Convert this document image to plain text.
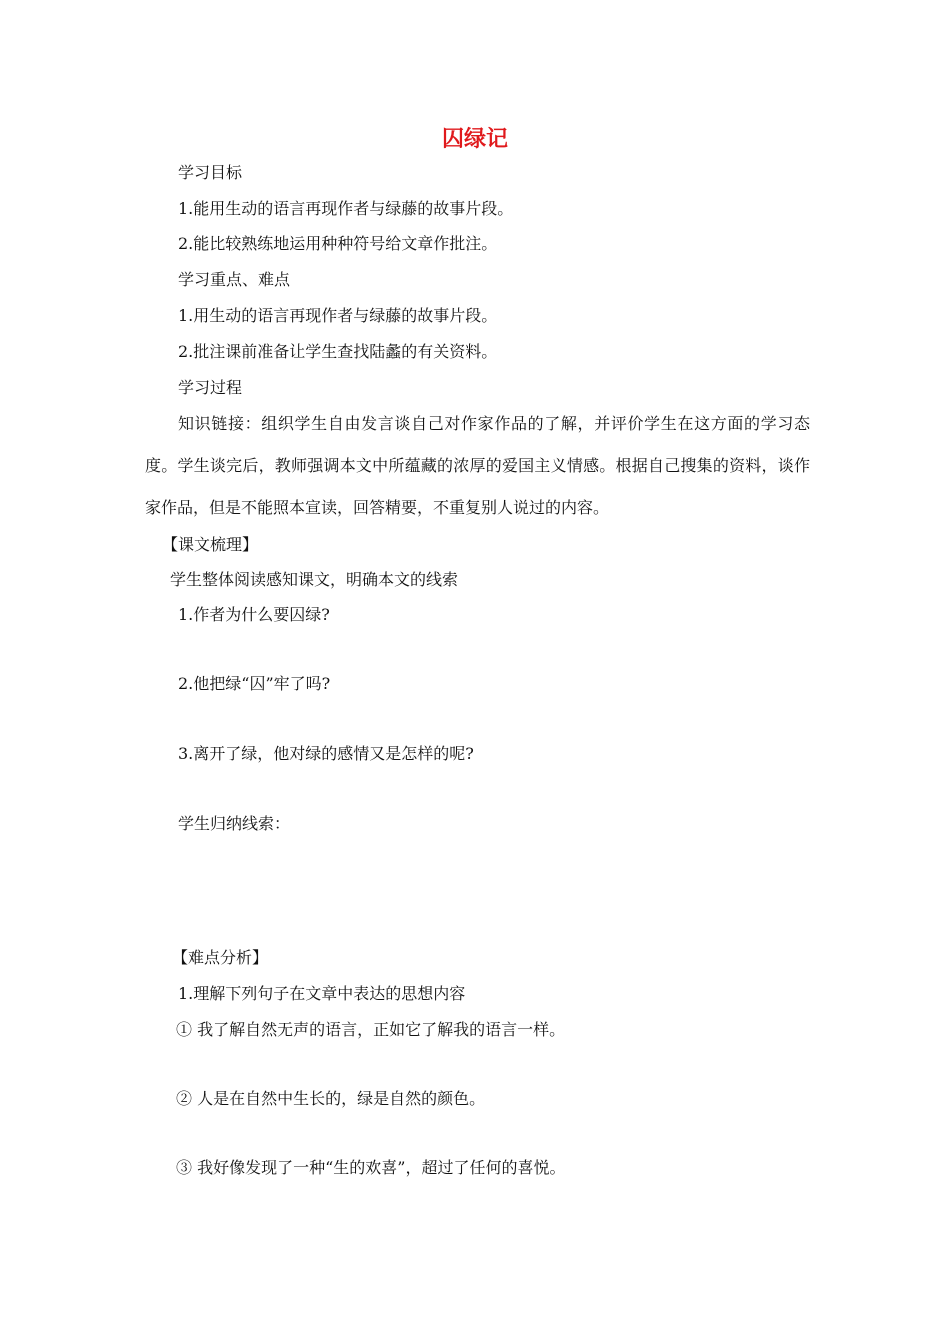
囚绿记
学习目标
1.能用生动的语言再现作者与绿藤的故事片段。
2.能比较熟练地运用种种符号给文章作批注。
学习重点、难点
1.用生动的语言再现作者与绿藤的故事片段。
2.批注课前准备让学生查找陆蠡的有关资料。
学习过程
知识链接：组织学生自由发言谈自己对作家作品的了解，并评价学生在这方面的学习态度。学生谈完后，教师强调本文中所蕴藏的浓厚的爱国主义情感。根据自己搜集的资料，谈作家作品，但是不能照本宣读，回答精要，不重复别人说过的内容。
【课文梳理】
学生整体阅读感知课文，明确本文的线索
1.作者为什么要囚绿?
2.他把绿“囚”牢了吗?
3.离开了绿，他对绿的感情又是怎样的呢?
学生归纳线索：
【难点分析】
1.理解下列句子在文章中表达的思想内容
① 我了解自然无声的语言，正如它了解我的语言一样。
② 人是在自然中生长的，绿是自然的颜色。
③ 我好像发现了一种“生的欢喜”，超过了任何的喜悦。
